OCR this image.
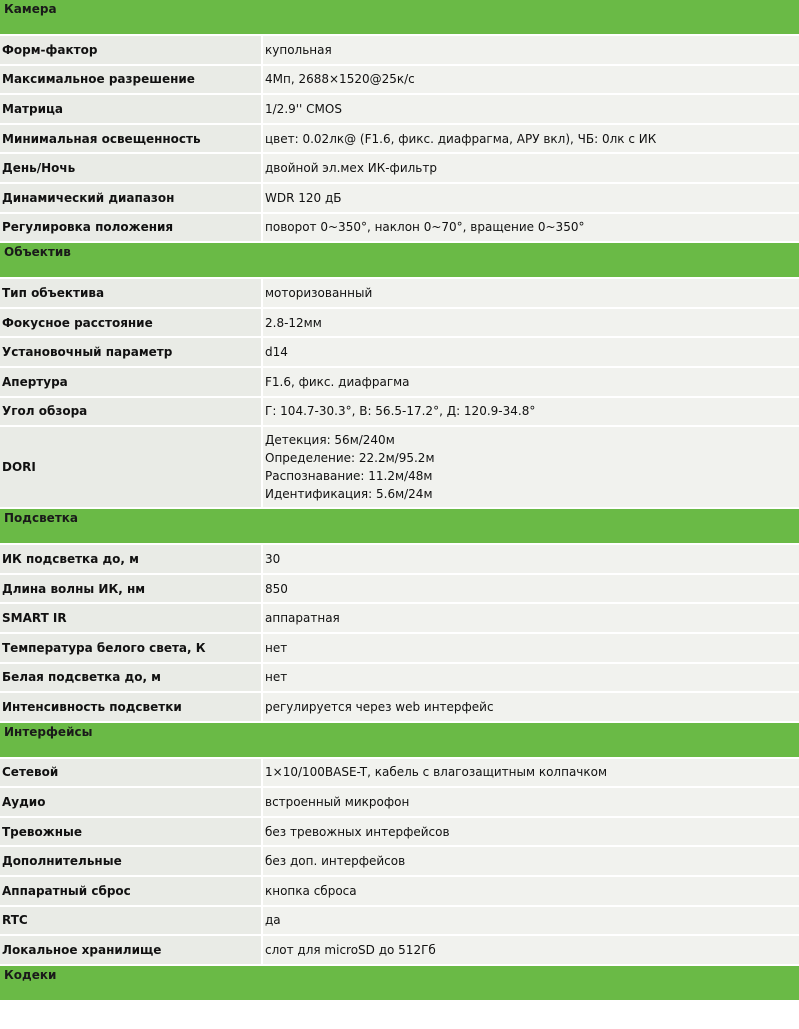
Камера	
Форм-фактор	купольная
Максимальное разрешение	4Мп, 2688×1520@25к/с
Матрица	1/2.9'' CMOS
Минимальная освещенность	цвет: 0.02лк@ (F1.6, фикс. диафрагма, АРУ вкл), ЧБ: 0лк с ИК
День/Ночь	двойной эл.мех ИК-фильтр
Динамический диапазон	WDR 120 дБ
Регулировка положения	поворот 0~350°, наклон 0~70°, вращение 0~350°
Объектив	
Тип объектива	моторизованный
Фокусное расстояние	2.8-12мм
Установочный параметр	d14
Апертура	F1.6, фикс. диафрагма
Угол обзора	Г: 104.7-30.3°, В: 56.5-17.2°, Д: 120.9-34.8°
DORI	Детекция: 56м/240м
Определение: 22.2м/95.2м
Распознавание: 11.2м/48м
Идентификация: 5.6м/24м

Подсветка	
ИК подсветка до, м	30
Длина волны ИК, нм	850
SMART IR	аппаратная
Температура белого света, К	нет
Белая подсветка до, м	нет
Интенсивность подсветки	регулируется через web интерфейс
Интерфейсы	
Сетевой	1×10/100BASE-T, кабель с влагозащитным колпачком
Аудио	встроенный микрофон
Тревожные	без тревожных интерфейсов
Дополнительные	без доп. интерфейсов
Аппаратный сброс	кнопка сброса
RTC	да
Локальное хранилище	слот для microSD до 512Гб
Кодеки	
